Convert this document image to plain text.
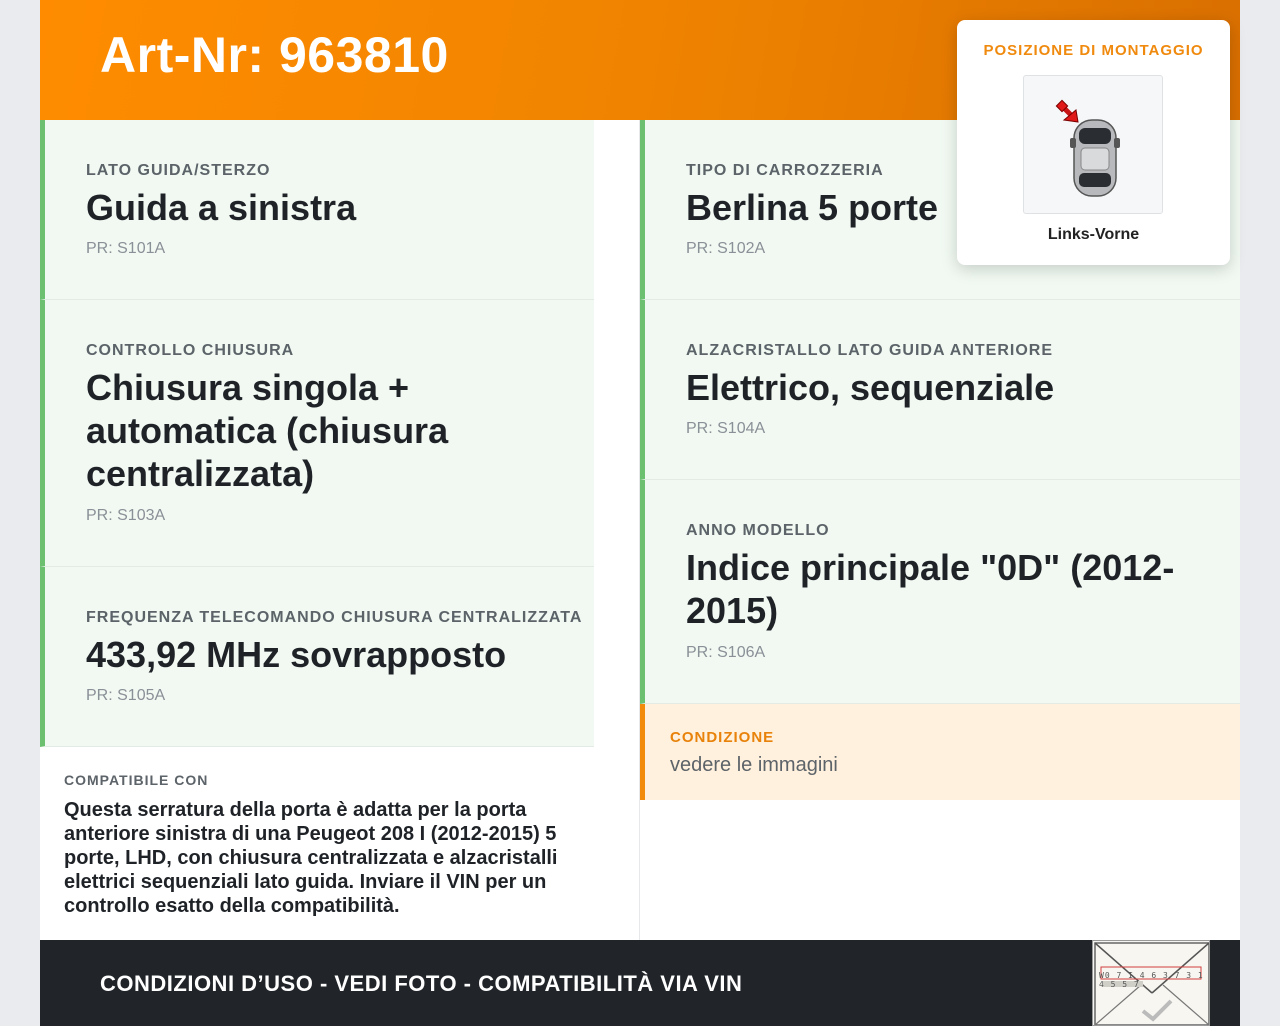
Art-Nr: 963810
LATO GUIDA/STERZO
Guida a sinistra
PR: S101A
CONTROLLO CHIUSURA
Chiusura singola + automatica (chiusura centralizzata)
PR: S103A
FREQUENZA TELECOMANDO CHIUSURA CENTRALIZZATA
433,92 MHz sovrapposto
PR: S105A
COMPATIBILE CON
Questa serratura della porta è adatta per la porta anteriore sinistra di una Peugeot 208 I (2012-2015) 5 porte, LHD, con chiusura centralizzata e alzacristalli elettrici sequenziali lato guida. Inviare il VIN per un controllo esatto della compatibilità.
TIPO DI CARROZZERIA
Berlina 5 porte
PR: S102A
ALZACRISTALLO LATO GUIDA ANTERIORE
Elettrico, sequenziale
PR: S104A
ANNO MODELLO
Indice principale "0D" (2012-2015)
PR: S106A
CONDIZIONE
vedere le immagini
CONDIZIONI D’USO - VEDI FOTO - COMPATIBILITÀ VIA VIN	W0 7 I 4 6 3 7 3 1 4 5 5 7
POSIZIONE DI MONTAGGIO
Links-Vorne
